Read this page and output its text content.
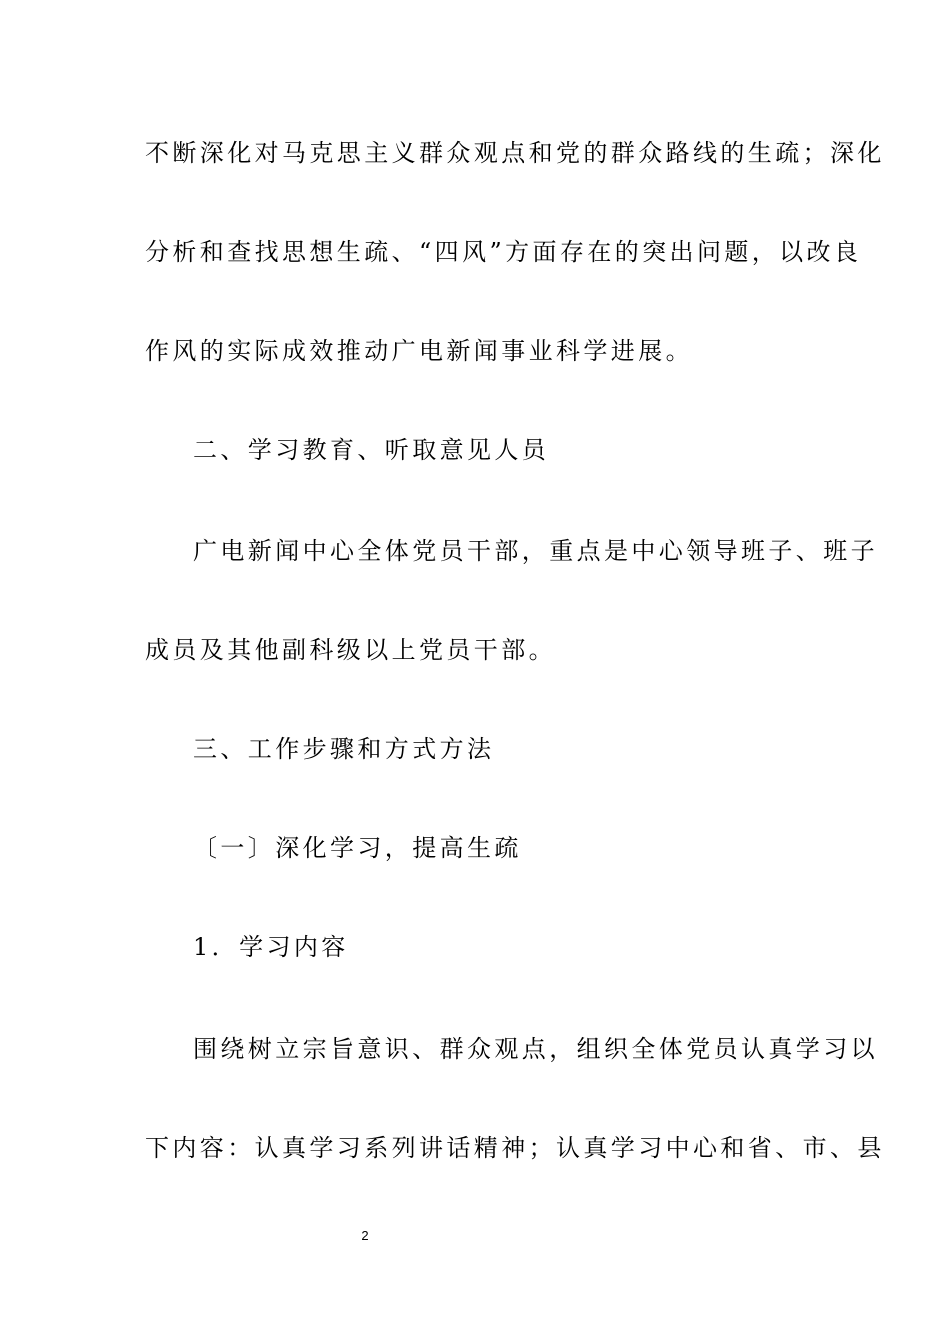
不断深化对马克思主义群众观点和党的群众路线的生疏；深化
分析和查找思想生疏、“四风”方面存在的突出问题，以改良
作风的实际成效推动广电新闻事业科学进展。
二、学习教育、听取意见人员
广电新闻中心全体党员干部，重点是中心领导班子、班子
成员及其他副科级以上党员干部。
三、工作步骤和方式方法
〔一〕深化学习，提高生疏
1．学习内容
围绕树立宗旨意识、群众观点，组织全体党员认真学习以
下内容：认真学习系列讲话精神；认真学习中心和省、市、县
2
